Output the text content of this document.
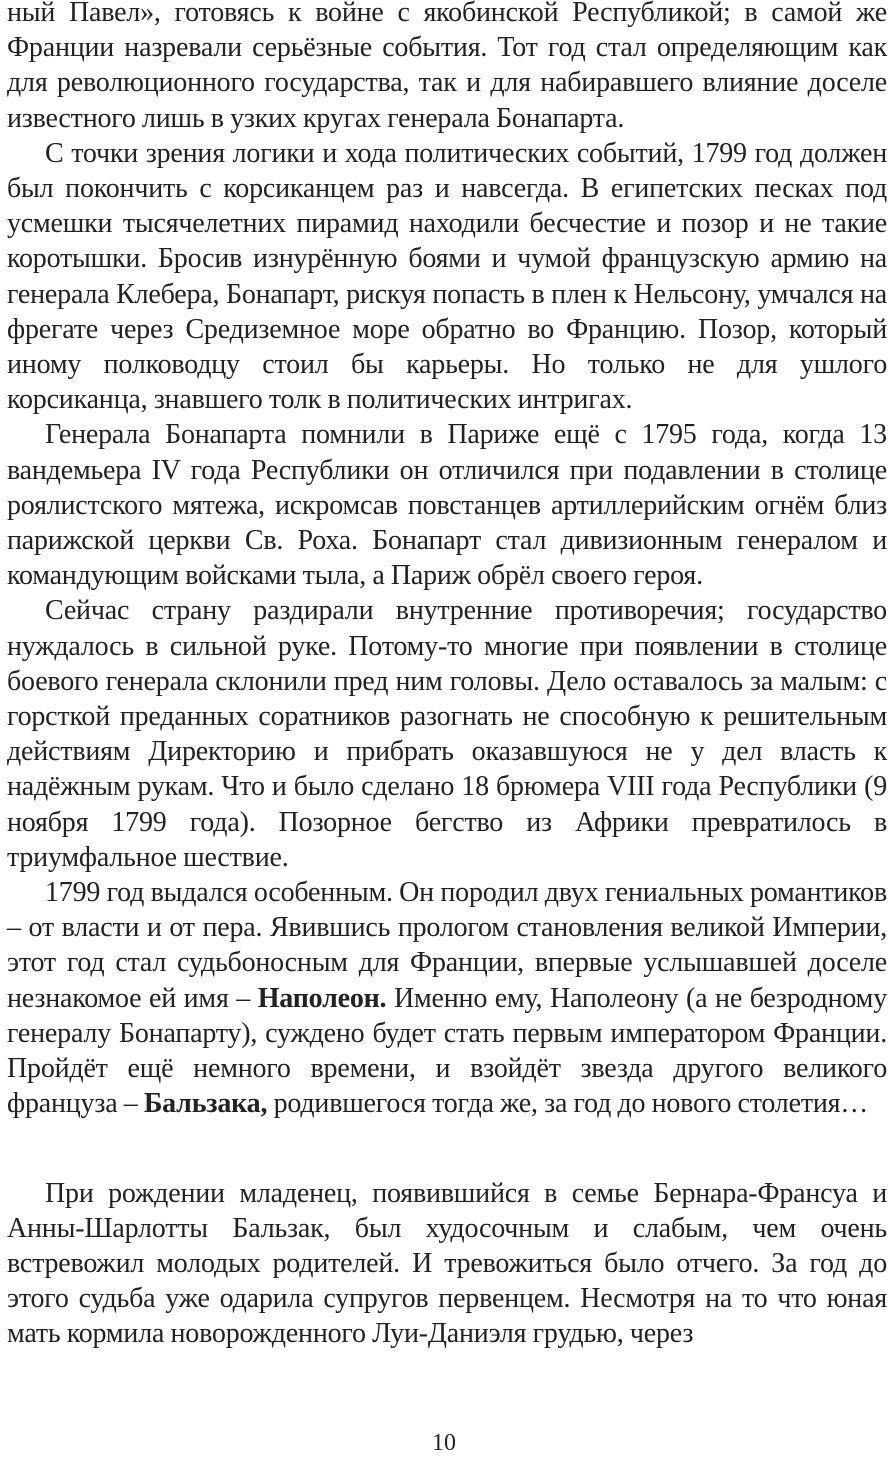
ный Павел», готовясь к войне с якобинской Республикой; в самой же Франции назревали серьёзные события. Тот год стал определяющим как для революционного государства, так и для набиравшего влияние доселе известного лишь в узких кругах генерала Бонапарта.

С точки зрения логики и хода политических событий, 1799 год должен был покончить с корсиканцем раз и навсегда. В египетских песках под усмешки тысячелетних пирамид находили бесчестие и позор и не такие коротышки. Бросив изнурённую боями и чумой французскую армию на генерала Клебера, Бонапарт, рискуя попасть в плен к Нельсону, умчался на фрегате через Средиземное море обратно во Францию. Позор, который иному полководцу стоил бы карьеры. Но только не для ушлого корсиканца, знавшего толк в политических интригах.

Генерала Бонапарта помнили в Париже ещё с 1795 года, когда 13 вандемьера IV года Республики он отличился при подавлении в столице роялистского мятежа, искромсав повстанцев артиллерийским огнём близ парижской церкви Св. Роха. Бонапарт стал дивизионным генералом и командующим войсками тыла, а Париж обрёл своего героя.

Сейчас страну раздирали внутренние противоречия; государство нуждалось в сильной руке. Потому-то многие при появлении в столице боевого генерала склонили пред ним головы. Дело оставалось за малым: с горсткой преданных соратников разогнать не способную к решительным действиям Директорию и прибрать оказавшуюся не у дел власть к надёжным рукам. Что и было сделано 18 брюмера VIII года Республики (9 ноября 1799 года). Позорное бегство из Африки превратилось в триумфальное шествие.

1799 год выдался особенным. Он породил двух гениальных романтиков – от власти и от пера. Явившись прологом становления великой Империи, этот год стал судьбоносным для Франции, впервые услышавшей доселе незнакомое ей имя – Наполеон. Именно ему, Наполеону (а не безродному генералу Бонапарту), суждено будет стать первым императором Франции. Пройдёт ещё немного времени, и взойдёт звезда другого великого француза – Бальзака, родившегося тогда же, за год до нового столетия…

При рождении младенец, появившийся в семье Бернара-Франсуа и Анны-Шарлотты Бальзак, был худосочным и слабым, чем очень встревожил молодых родителей. И тревожиться было отчего. За год до этого судьба уже одарила супругов первенцем. Несмотря на то что юная мать кормила новорожденного Луи-Даниэля грудью, через

10
